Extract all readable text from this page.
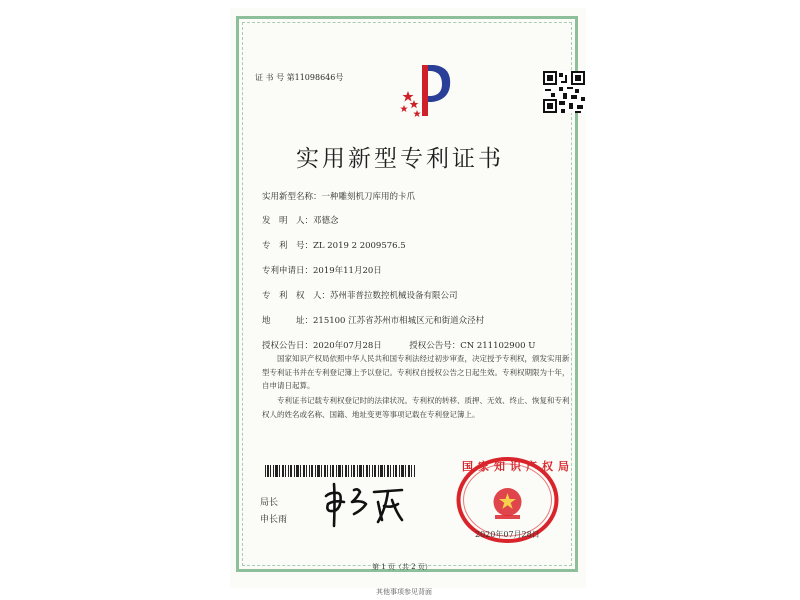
证 书 号 第11098646号
实用新型专利证书
实用新型名称：一种雕刻机刀库用的卡爪
发　明　人：邓德念
专　利　号：ZL 2019 2 2009576.5
专利申请日：2019年11月20日
专　利　权　人：苏州菲普拉数控机械设备有限公司
地　　　址：215100 江苏省苏州市相城区元和街道众泾村
授权公告日：2020年07月28日	授权公告号：CN 211102900 U
国家知识产权局依照中华人民共和国专利法经过初步审查，决定授予专利权，颁发实用新型专利证书并在专利登记簿上予以登记。专利权自授权公告之日起生效。专利权期限为十年，自申请日起算。
专利证书记载专利权登记时的法律状况。专利权的转移、质押、无效、终止、恢复和专利权人的姓名或名称、国籍、地址变更等事项记载在专利登记簿上。
局长
申长雨
国家知识产权局
2020年07月28日
第 1 页（共 2 页）
其他事项参见背面
